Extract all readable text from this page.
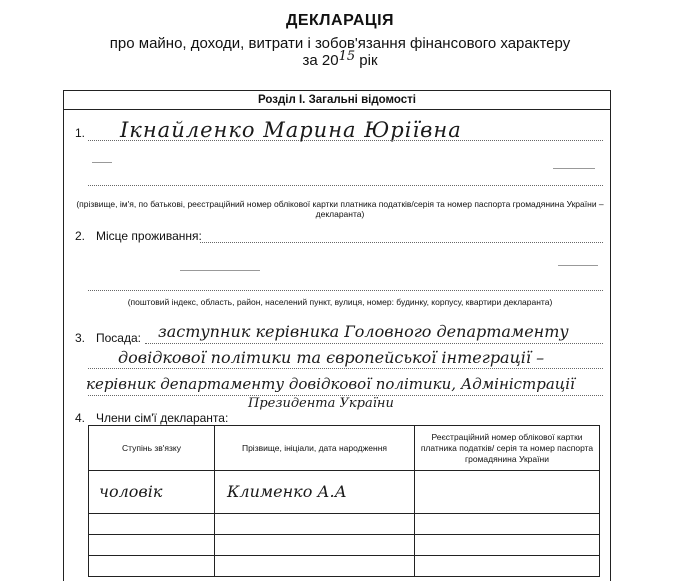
ДЕКЛАРАЦІЯ
про майно, доходи, витрати і зобов'язання фінансового характеру
за 2015 рік
Розділ І. Загальні відомості
1. Ікнайленко Марина Юріївна
(прізвище, ім'я, по батькові, реєстраційний номер облікової картки платника податків/серія та номер паспорта громадянина України – декларанта)
2. Місце проживання:
(поштовий індекс, область, район, населений пункт, вулиця, номер: будинку, корпусу, квартири декларанта)
3. Посада: заступник керівника Головного департаменту
довідкової політики та європейської інтеграції –
керівник департаменту довідкової політики, Адміністрації
Президента України
4. Члени сім'ї декларанта:
Ступінь зв'язку	Прізвище, ініціали, дата народження	Реєстраційний номер облікової картки платника податків/ серія та номер паспорта громадянина України
чоловік	Клименко А.А	
